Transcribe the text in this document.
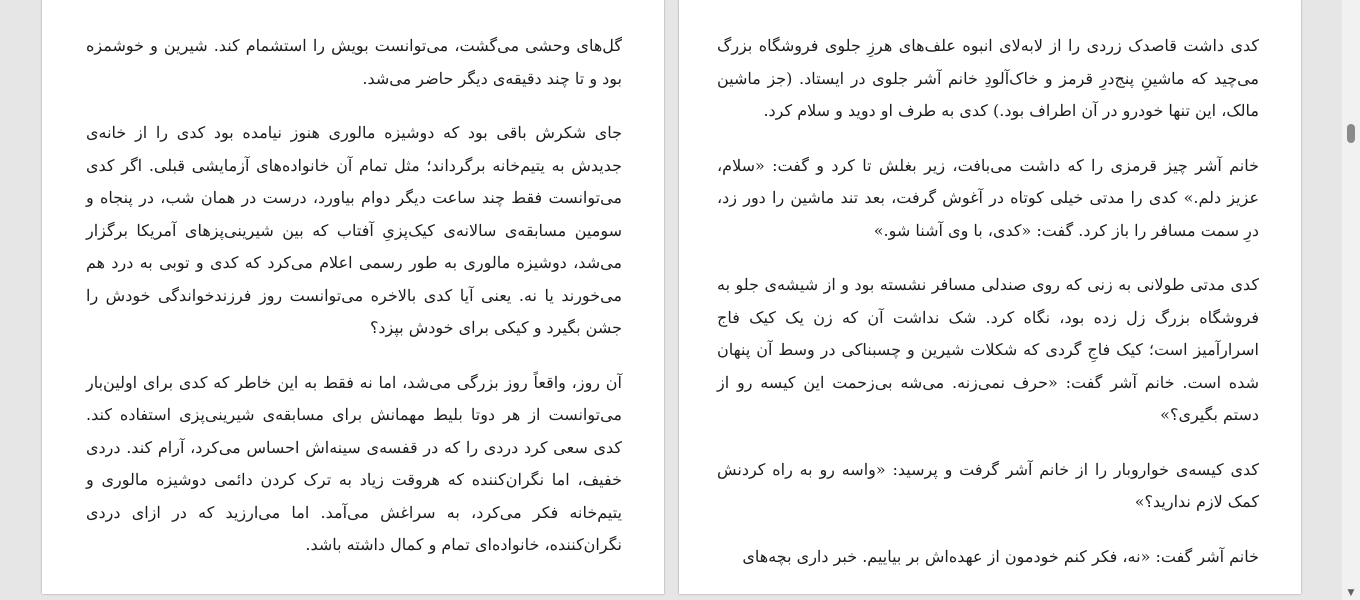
گل‌های وحشی می‌گشت، می‌توانست بویش را استشمام کند. شیرین و خوشمزه بود و تا چند دقیقه‌ی دیگر حاضر می‌شد.

جای شکرش باقی بود که دوشیزه مالوری هنوز نیامده بود کدی را از خانه‌ی جدیدش به یتیم‌خانه برگرداند؛ مثل تمام آن خانواده‌های آزمایشی قبلی. اگر کدی می‌توانست فقط چند ساعت دیگر دوام بیاورد، درست در همان شب، در پنجاه و سومین مسابقه‌ی سالانه‌ی کیک‌پزیِ آفتاب که بین شیرینی‌پزهای آمریکا برگزار می‌شد، دوشیزه مالوری به طور رسمی اعلام می‌کرد که کدی و توبی به درد هم می‌خورند یا نه. یعنی آیا کدی بالاخره می‌توانست روز فرزندخواندگی خودش را جشن بگیرد و کیکی برای خودش بپزد؟

آن روز، واقعاً روز بزرگی می‌شد، اما نه فقط به این خاطر که کدی برای اولین‌بار می‌توانست از هر دوتا بلیط مهمانش برای مسابقه‌ی شیرینی‌پزی استفاده کند. کدی سعی کرد دردی را که در قفسه‌ی سینه‌اش احساس می‌کرد، آرام کند. دردی خفیف، اما نگران‌کننده که هروقت زیاد به ترک کردن دائمی دوشیزه مالوری و یتیم‌خانه فکر می‌کرد، به سراغش می‌آمد. اما می‌ارزید که در ازای دردی نگران‌کننده، خانواده‌ای تمام و کمال داشته باشد.

کدی داشت قاصدک زردی را از لابه‌لای انبوه علف‌های هرزِ جلوی فروشگاه بزرگ می‌چید که ماشینِ پنج‌درِ قرمز و خاک‌آلودِ خانم آشر جلوی در ایستاد. (جز ماشین مالک، این تنها خودرو در آن اطراف بود.) کدی به طرف او دوید و سلام کرد.

خانم آشر چیز قرمزی را که داشت می‌بافت، زیر بغلش تا کرد و گفت: «سلام، عزیز دلم.» کدی را مدتی خیلی کوتاه در آغوش گرفت، بعد تند ماشین را دور زد، درِ سمت مسافر را باز کرد. گفت: «کدی، با وی آشنا شو.»

کدی مدتی طولانی به زنی که روی صندلی مسافر نشسته بود و از شیشه‌ی جلو به فروشگاه بزرگ زل زده بود، نگاه کرد. شک نداشت آن که زن یک کیک فاج اسرارآمیز است؛ کیک فاجِ گردی که شکلات شیرین و چسبناکی در وسط آن پنهان شده است. خانم آشر گفت: «حرف نمی‌زنه. می‌شه بی‌زحمت این کیسه رو از دستم بگیری؟»

کدی کیسه‌ی خواروبار را از خانم آشر گرفت و پرسید: «واسه رو به راه کردنش کمک لازم ندارید؟»

خانم آشر گفت: «نه، فکر کنم خودمون از عهده‌اش بر بیاییم. خبر داری بچه‌های

▼
